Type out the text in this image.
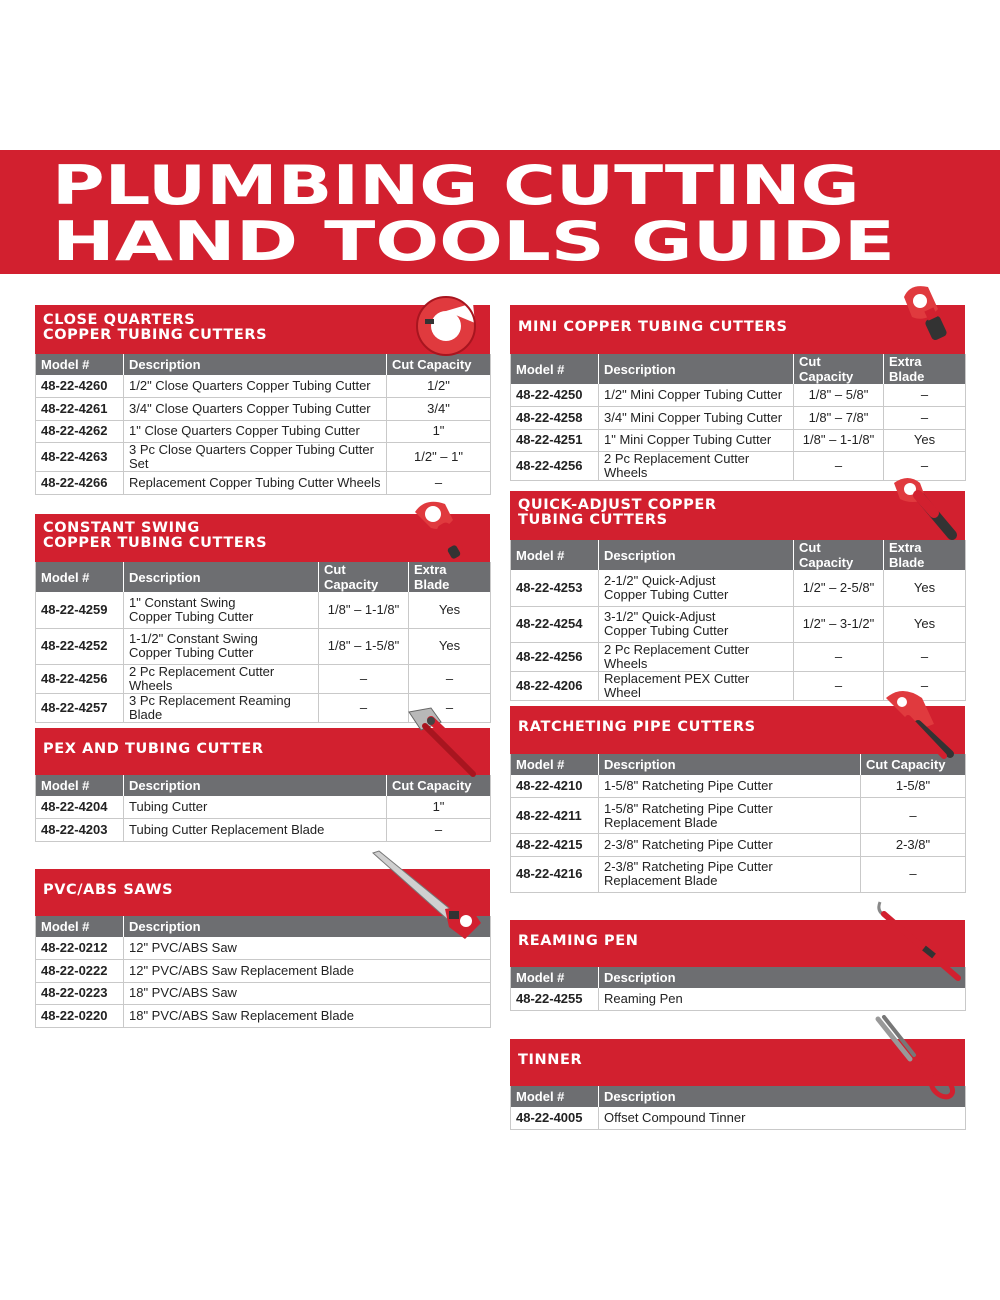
PLUMBING CUTTING
HAND TOOLS GUIDE
CLOSE QUARTERS
COPPER TUBING CUTTERS
Model #	Description	Cut Capacity
48-22-4260	1/2" Close Quarters Copper Tubing Cutter	1/2"
48-22-4261	3/4" Close Quarters Copper Tubing Cutter	3/4"
48-22-4262	1" Close Quarters Copper Tubing Cutter	1"
48-22-4263	3 Pc Close Quarters Copper Tubing Cutter Set	1/2" – 1"
48-22-4266	Replacement Copper Tubing Cutter Wheels	–
CONSTANT SWING
COPPER TUBING CUTTERS
Model #	Description	Cut Capacity	Extra Blade
48-22-4259	1" Constant Swing
Copper Tubing Cutter	1/8" – 1-1/8"	Yes
48-22-4252	1-1/2" Constant Swing
Copper Tubing Cutter	1/8" – 1-5/8"	Yes
48-22-4256	2 Pc Replacement Cutter Wheels	–	–
48-22-4257	3 Pc Replacement Reaming Blade	–	–
PEX AND TUBING CUTTER
Model #	Description	Cut Capacity
48-22-4204	Tubing Cutter	1"
48-22-4203	Tubing Cutter Replacement Blade	–
PVC/ABS SAWS
Model #	Description
48-22-0212	12" PVC/ABS Saw
48-22-0222	12" PVC/ABS Saw Replacement Blade
48-22-0223	18" PVC/ABS Saw
48-22-0220	18" PVC/ABS Saw Replacement Blade
MINI COPPER TUBING CUTTERS
Model #	Description	Cut Capacity	Extra Blade
48-22-4250	1/2" Mini Copper Tubing Cutter	1/8" – 5/8"	–
48-22-4258	3/4" Mini Copper Tubing Cutter	1/8" – 7/8"	–
48-22-4251	1" Mini Copper Tubing Cutter	1/8" – 1-1/8"	Yes
48-22-4256	2 Pc Replacement Cutter Wheels	–	–
QUICK-ADJUST COPPER
TUBING CUTTERS
Model #	Description	Cut Capacity	Extra Blade
48-22-4253	2-1/2" Quick-Adjust
Copper Tubing Cutter	1/2" – 2-5/8"	Yes
48-22-4254	3-1/2" Quick-Adjust
Copper Tubing Cutter	1/2" – 3-1/2"	Yes
48-22-4256	2 Pc Replacement Cutter Wheels	–	–
48-22-4206	Replacement PEX Cutter Wheel	–	–
RATCHETING PIPE CUTTERS
Model #	Description	Cut Capacity
48-22-4210	1-5/8" Ratcheting Pipe Cutter	1-5/8"
48-22-4211	1-5/8" Ratcheting Pipe Cutter
Replacement Blade	–
48-22-4215	2-3/8" Ratcheting Pipe Cutter	2-3/8"
48-22-4216	2-3/8" Ratcheting Pipe Cutter
Replacement Blade	–
REAMING PEN
Model #	Description
48-22-4255	Reaming Pen
TINNER
Model #	Description
48-22-4005	Offset Compound Tinner
